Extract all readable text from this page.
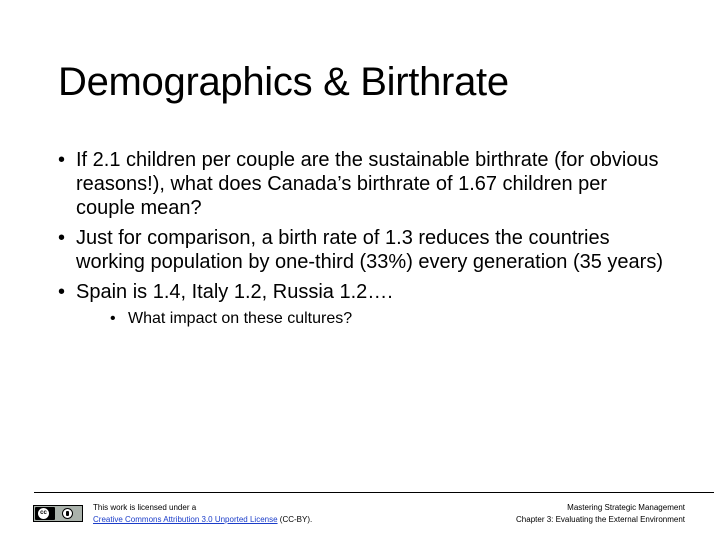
Demographics & Birthrate
• If 2.1 children per couple are the sustainable birthrate (for obvious reasons!), what does Canada’s birthrate of 1.67 children per couple mean?
• Just for comparison, a birth rate of 1.3 reduces the countries working population by one-third (33%) every generation (35 years)
• Spain is 1.4, Italy 1.2, Russia 1.2….
• What impact on these cultures?
cc
This work is licensed under a
Creative Commons Attribution 3.0 Unported License (CC-BY).
Mastering Strategic Management
Chapter 3: Evaluating the External Environment
